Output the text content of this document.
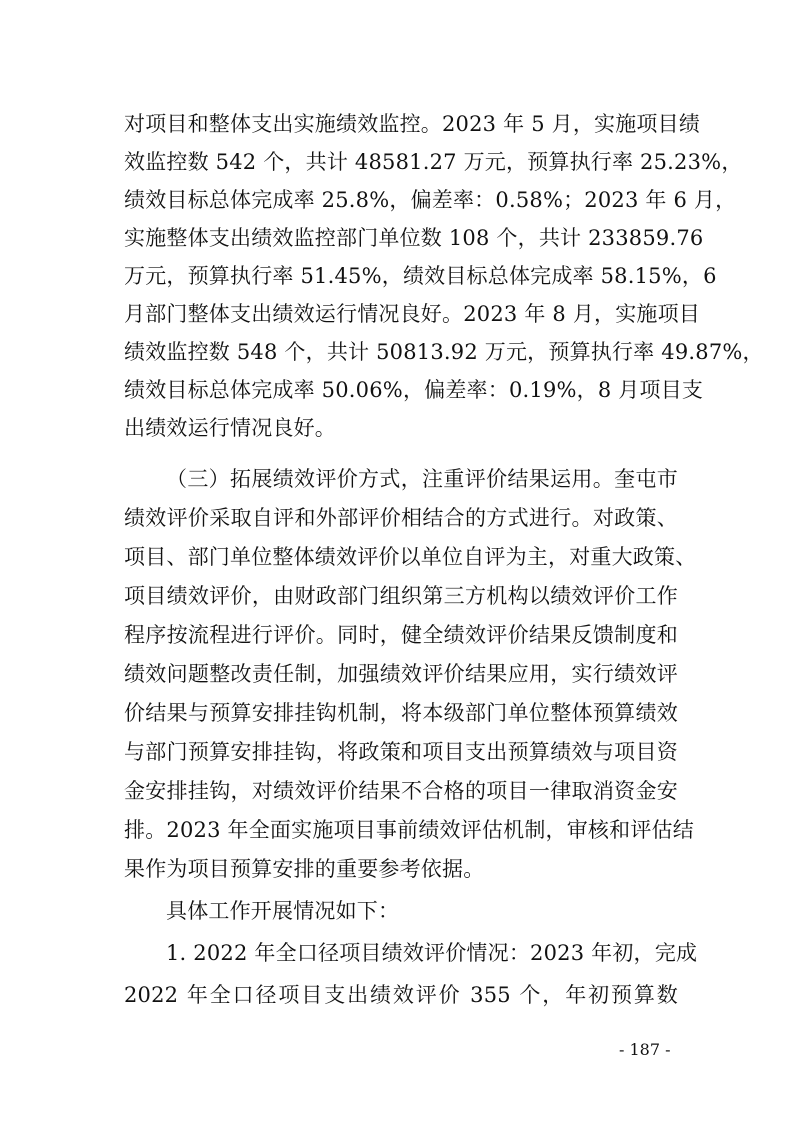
对项目和整体支出实施绩效监控。2023 年 5 月，实施项目绩
效监控数 542 个，共计 48581.27 万元，预算执行率 25.23%，
绩效目标总体完成率 25.8%，偏差率：0.58%；2023 年 6 月，
实施整体支出绩效监控部门单位数 108 个，共计 233859.76
万元，预算执行率 51.45%，绩效目标总体完成率 58.15%，6
月部门整体支出绩效运行情况良好。2023 年 8 月，实施项目
绩效监控数 548 个，共计 50813.92 万元，预算执行率 49.87%，
绩效目标总体完成率 50.06%，偏差率：0.19%，8 月项目支
出绩效运行情况良好。
（三）拓展绩效评价方式，注重评价结果运用。奎屯市
绩效评价采取自评和外部评价相结合的方式进行。对政策、
项目、部门单位整体绩效评价以单位自评为主，对重大政策、
项目绩效评价，由财政部门组织第三方机构以绩效评价工作
程序按流程进行评价。同时，健全绩效评价结果反馈制度和
绩效问题整改责任制，加强绩效评价结果应用，实行绩效评
价结果与预算安排挂钩机制，将本级部门单位整体预算绩效
与部门预算安排挂钩，将政策和项目支出预算绩效与项目资
金安排挂钩，对绩效评价结果不合格的项目一律取消资金安
排。2023 年全面实施项目事前绩效评估机制，审核和评估结
果作为项目预算安排的重要参考依据。
具体工作开展情况如下：
1. 2022 年全口径项目绩效评价情况：2023 年初，完成
2022 年全口径项目支出绩效评价 355 个，年初预算数
- 187 -
